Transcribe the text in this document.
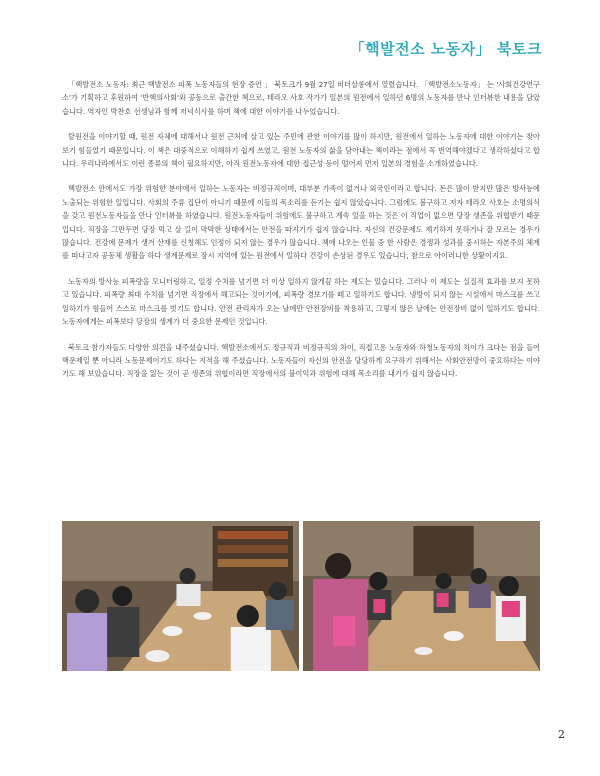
「핵발전소 노동자」 북토크

「핵발전소 노동자: 최근 핵발전소 피폭 노동자들의 현장 증언 」 북토크가 9월 27일 비더살롱에서 열렸습니다. 「핵발전소노동자」 는 '사회건강연구소'가 기획하고 후원하여 '반핵의사회'와 공동으로 출간한 책으로, 테라오 사호 작가가 일본의 원전에서 일하던 6명의 노동자를 만나 인터뷰한 내용을 담았습니다. 역자인 박찬호 선생님과 함께 저녁식사를 하며 책에 대한 이야기를 나누었습니다.

탈원전을 이야기할 때, 원전 자체에 대해서나 원전 근처에 살고 있는 주민에 관한 이야기를 많이 하지만, 원전에서 일하는 노동자에 대한 이야기는 찾아보기 힘들었기 때문입니다. 이 책은 대중적으로 이해하기 쉽게 쓰였고, 원전 노동자의 삶을 담아내는 책이라는 점에서 꼭 번역해야겠다고 생각하셨다고 합니다. 우리나라에서도 이런 종류의 책이 필요하지만, 아직 원전노동자에 대한 접근성 등이 떨어져 먼저 일본의 경험을 소개하였습니다.

핵발전소 안에서도 가장 위험한 분야에서 일하는 노동자는 비정규직이며, 대부분 가족이 없거나 외국인이라고 합니다. 돈은 많이 받지만 많은 방사능에 노출되는 위험한 일입니다. 사회의 주류 집단이 아니기 때문에 이들의 목소리를 듣기는 쉽지 않았습니다. 그럼에도 불구하고 저자 테라오 사호는 소명의식을 갖고 원전노동자들을 만나 인터뷰를 하였습니다. 원전노동자들이 위험에도 불구하고 계속 일을 하는 것은 이 직업이 없으면 당장 생존을 위협받기 때문입니다. 직장을 그만두면 당장 먹고 살 길이 막막한 상태에서는 안전을 따지기가 쉽지 않습니다. 자신의 건강문제도 제기하지 못하거나 잘 모르는 경우가 많습니다. 건강에 문제가 생겨 산재를 신청해도 인정이 되지 않는 경우가 많습니다. 책에 나오는 인물 중 한 사람은 경쟁과 성과를 중시하는 자본주의 체계를 떠나고자 공동체 생활을 하다 생계문제로 잠시 지역에 있는 원전에서 일하다 건강이 손상된 경우도 있습니다, 참으로 아이러니한 상황이지요.

노동자의 방사능 피폭량을 모니터링하고, 일정 수치를 넘기면 더 이상 일하지 않게끔 하는 제도는 있습니다. 그러나 이 제도는 실질적 효과를 보지 못하고 있습니다. 피폭량 최대 수치를 넘기면 직장에서 해고되는 것이기에, 피폭량 경보기를 떼고 일하기도 합니다. 냉방이 되지 않는 시설에서 마스크를 쓰고 일하기가 힘들어 스스로 마스크를 벗기도 합니다. 안전 관리자가 오는 날에만 안전장비를 착용하고, 그렇지 않은 날에는 안전장비 없이 일하기도 합니다. 노동자에게는 피폭보다 당장의 생계가 더 중요한 문제인 것입니다.

북토크 참가자들도 다양한 의견을 내주셨습니다. 핵발전소에서도 정규직과 비정규직의 차이, 직접고용 노동자와 하청노동자의 차이가 크다는 점을 들어 핵문제일 뿐 아니라 노동문제이기도 하다는 지적을 해 주셨습니다. 노동자들이 자신의 안전을 당당하게 요구하기 위해서는 사회안전망이 중요하다는 이야기도 해 보았습니다. 직장을 잃는 것이 곧 생존의 위협이라면 직장에서의 불이익과 위험에 대해 목소리를 내기가 쉽지 않습니다.

2
